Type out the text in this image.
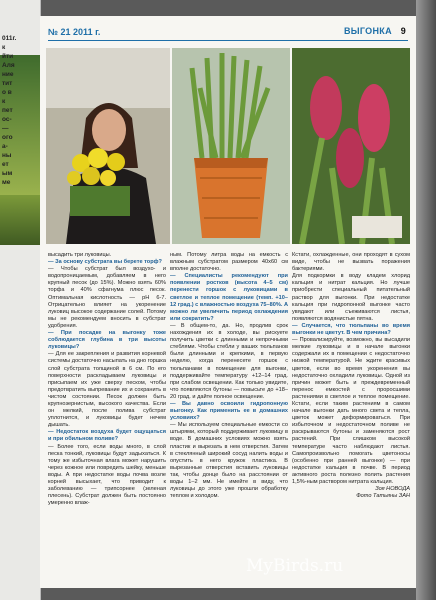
011г.
к
йти
Аля
ние
тит
о в
к
пет
ос-
—
ого
а-
ны
ет
ым
ме
№ 21 2011 г.	ВЫГОНКА 9

высадить три луковицы.

— За основу субстрата вы берете торф?

— Чтобы субстрат был воздухо- и водопроницаемым, добавляем в него крупный песок (до 15%). Можно взять 60% торфа и 40% сфагнума плюс песок. Оптимальная кислотность — pH 6-7. Отрицательно влияет на укоренение луковиц высокое содержание солей. Потому мы не рекомендуем вносить в субстрат удобрения.

— При посадке на выгонку тоже соблюдается глубина в три высоты луковицы?

— Для ее закрепления и развития корневой системы достаточно насыпать на дно горшка слой субстрата толщиной в 6 см. По его поверхности раскладываем луковицы и присыпаем их уже сверху песком, чтобы предотвратить выпревание их и сохранить в чистом состоянии. Песок должен быть крупнозернистым, высокого качества. Если он мелкий, после полива субстрат уплотнится, и луковицы будет нечем дышать.

— Недостаток воздуха будет ощущаться и при обильном поливе?

— Более того, если воды много, в слой песка тонкий, луковицы будут задыхаться. К тому же избыточная влага может нарушить через кожное или повредить шейку, меньше воды. А при недостатке воды почва возле корней высыхает, что приводит к заболеванию — трипсорнее (зеленая плесень). Субстрат должен быть постоянно умеренно влаж-

ным. Потому литра воды на емкость с влажным субстратом размером 40x60 см вполне достаточно.

— Специалисты рекомендуют при появлении ростков (высота 4–5 см) перенести горшок с луковицами в светлое и теплое помещение (темп. +10–12 град.) с влажностью воздуха 75–80%. А можно ли увеличить период охлаждения или сократить?

— В общем-то, да. Но, продлив срок нахождения их в холоде, вы рискуете получить цветки с длинными и непрочными стеблями. Чтобы стебли у ваших тюльпанов были длинными и крепкими, в первую неделю, когда перенесете горшок с тюльпанами в помещение для выгонки, поддерживайте температуру +12–14 град. при слабом освещении. Как только увидите, что появляются бутоны — повысьте до +18–20 град. и дайте полное освещение.

— Вы давно освоили гидропонную выгонку. Как применить ее в домашних условиях?

— Мы используем специальные емкости со штырями, который поддерживает луковицу в воде. В домашних условиях можно взять пластик и вырезать в нем отверстия. Затем в стеклянный широкий сосуд налить воды и опустить в него кружок пластика. В вырезанные отверстия вставить луковицы так, чтобы донце было на расстоянии от воды 1–2 мм. Не имейте в виду, что луковицы до этого уже прошли обработку теплом и холодом.

Кстати, охлажденные, они проходят в сухом виде, чтобы не вызвать поражения бактериями.

Для подкормки в воду кладем хлорид кальция и нитрат кальция. Но лучше приобрести специальный питательный раствор для выгонки. При недостатке кальция при гидропонной выгонке часто увядают или съеживаются листья, появляются водянистые пятна.

— Случается, что тюльпаны во время выгонки не цветут. В чем причина?

— Провалиэируйте, возможно, вы высадили мелкие луковицы и в начале выгонки содержали их в помещении с недостаточно низкой температурой. Не ждите красивых цветов, если во время укоренения вы недостаточно охладили луковицы. Одной из причин может быть и преждевременный перенос емкостей с проросшими растениями в светлое и теплое помещение. Кстати, если таким растениям в самом начале выгонки дать много света и тепла, цветок может деформироваться. При избыточном и недостаточном поливе не раскрываются бутоны и заменяются рост растений. При слишком высокой температуре часто наблюдают листья. Самопроизвольно помогать цветоносы (особенно при ранней выгонке) — при недостатке кальция в почве. В период активного роста полезно полить растения 1,5%-ным раствором нитрата кальция.

Зоя НОВОДА

Фото Татьяны ЗАН

MyBirds.ru
